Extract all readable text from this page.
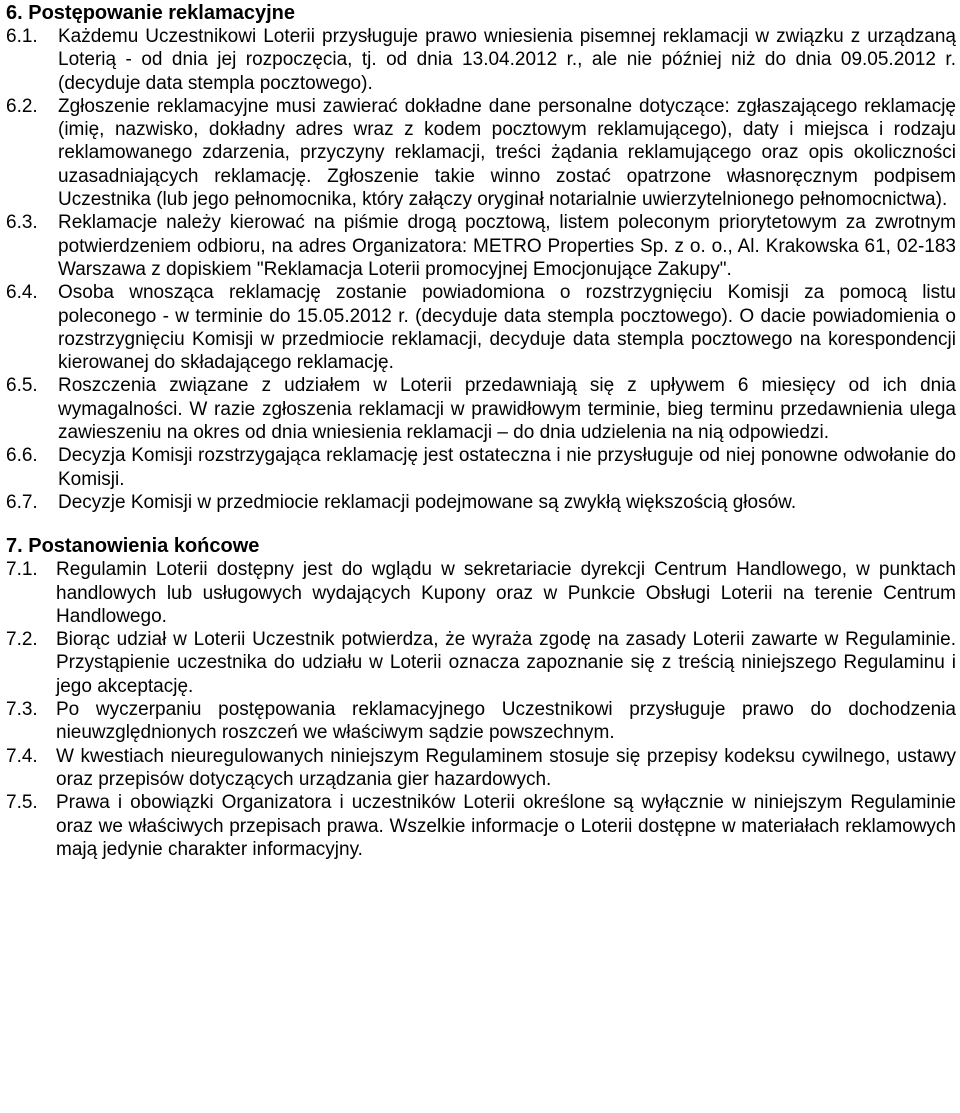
6. Postępowanie reklamacyjne
6.1.	Każdemu Uczestnikowi Loterii przysługuje prawo wniesienia pisemnej reklamacji w związku z urządzaną Loterią - od dnia jej rozpoczęcia, tj. od dnia 13.04.2012 r., ale nie później niż do dnia 09.05.2012 r. (decyduje data stempla pocztowego).

6.2.	Zgłoszenie reklamacyjne musi zawierać dokładne dane personalne dotyczące: zgłaszającego reklamację (imię, nazwisko, dokładny adres wraz z kodem pocztowym reklamującego), daty i miejsca i rodzaju reklamowanego zdarzenia, przyczyny reklamacji, treści żądania reklamującego oraz opis okoliczności uzasadniających reklamację. Zgłoszenie takie winno zostać opatrzone własnoręcznym podpisem Uczestnika (lub jego pełnomocnika, który załączy oryginał notarialnie uwierzytelnionego pełnomocnictwa).

6.3.	Reklamacje należy kierować na piśmie drogą pocztową, listem poleconym priorytetowym za zwrotnym potwierdzeniem odbioru, na adres Organizatora: METRO Properties Sp. z o. o., Al. Krakowska 61, 02-183 Warszawa z dopiskiem "Reklamacja Loterii promocyjnej Emocjonujące Zakupy".

6.4.	Osoba wnosząca reklamację zostanie powiadomiona o rozstrzygnięciu Komisji za pomocą listu poleconego - w terminie do 15.05.2012 r. (decyduje data stempla pocztowego). O dacie powiadomienia o rozstrzygnięciu Komisji w przedmiocie reklamacji, decyduje data stempla pocztowego na korespondencji kierowanej do składającego reklamację.

6.5.	Roszczenia związane z udziałem w Loterii przedawniają się z upływem 6 miesięcy od ich dnia wymagalności. W razie zgłoszenia reklamacji w prawidłowym terminie, bieg terminu przedawnienia ulega zawieszeniu na okres od dnia wniesienia reklamacji – do dnia udzielenia na nią odpowiedzi.

6.6.	Decyzja Komisji rozstrzygająca reklamację jest ostateczna i nie przysługuje od niej ponowne odwołanie do Komisji.

6.7.	Decyzje Komisji w przedmiocie reklamacji podejmowane są zwykłą większością głosów.

7. Postanowienia końcowe
7.1. Regulamin Loterii dostępny jest do wglądu w sekretariacie dyrekcji Centrum Handlowego, w punktach handlowych lub usługowych wydających Kupony oraz w Punkcie Obsługi Loterii na terenie Centrum Handlowego.

7.2. Biorąc udział w Loterii Uczestnik potwierdza, że wyraża zgodę na zasady Loterii zawarte w Regulaminie. Przystąpienie uczestnika do udziału w Loterii oznacza zapoznanie się z treścią niniejszego Regulaminu i jego akceptację.

7.3. Po wyczerpaniu postępowania reklamacyjnego Uczestnikowi przysługuje prawo do dochodzenia nieuwzględnionych roszczeń we właściwym sądzie powszechnym.

7.4. W kwestiach nieuregulowanych niniejszym Regulaminem stosuje się przepisy kodeksu cywilnego, ustawy oraz przepisów dotyczących urządzania gier hazardowych.

7.5. Prawa i obowiązki Organizatora i uczestników Loterii określone są wyłącznie w niniejszym Regulaminie oraz we właściwych przepisach prawa. Wszelkie informacje o Loterii dostępne w materiałach reklamowych mają jedynie charakter informacyjny.
